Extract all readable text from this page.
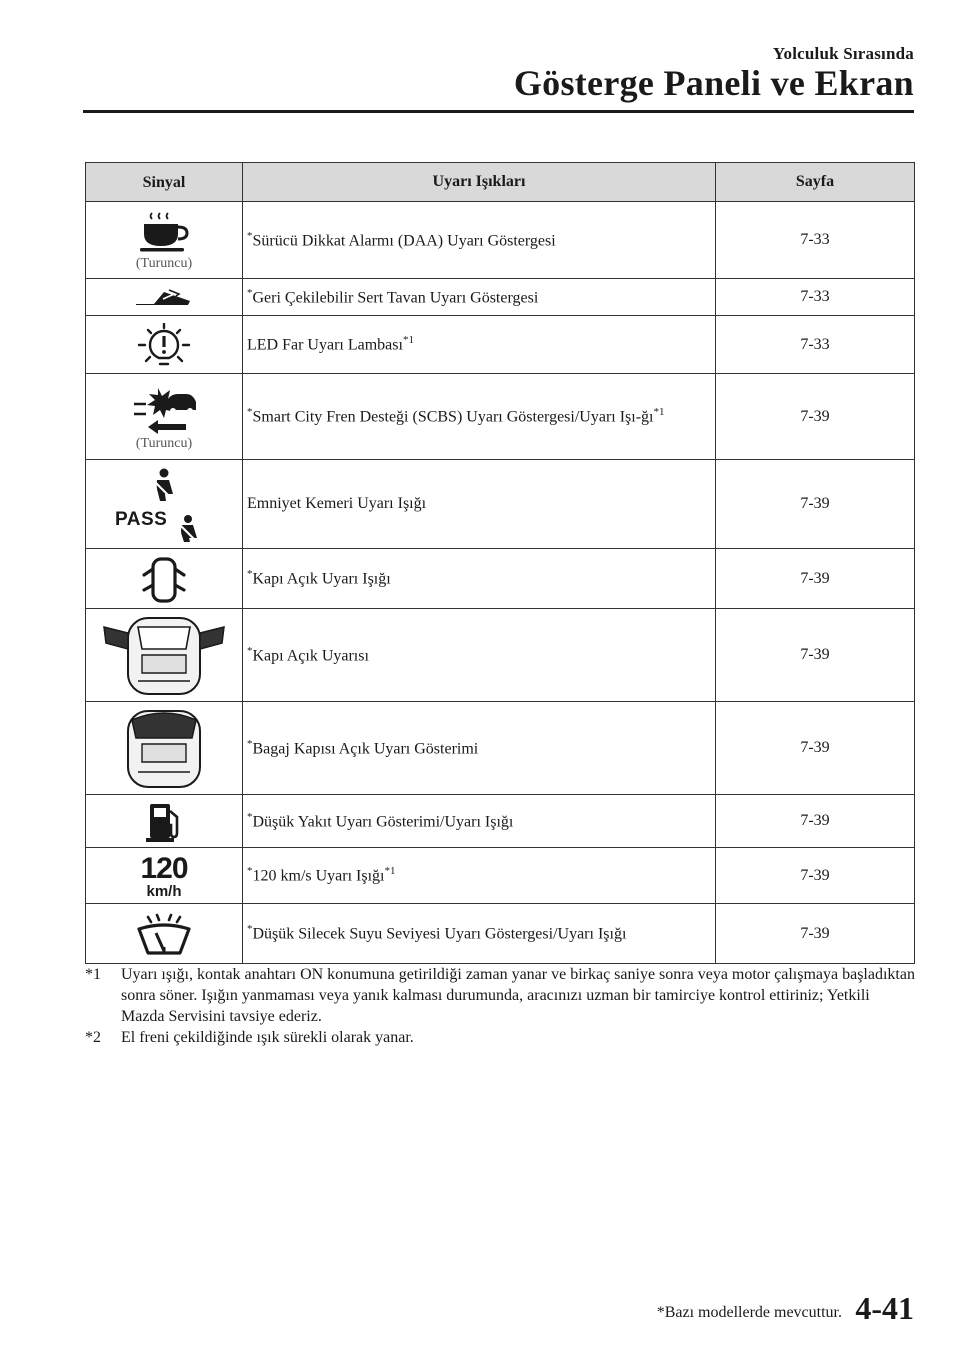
Yolculuk Sırasında
Gösterge Paneli ve Ekran
Sinyal	Uyarı Işıkları	Sayfa

(Turuncu)	*Sürücü Dikkat Alarmı (DAA) Uyarı Göstergesi	7-33

	*Geri Çekilebilir Sert Tavan Uyarı Göstergesi	7-33

	LED Far Uyarı Lambası$^{*1}$	7-33

(Turuncu)	*Smart City Fren Desteği (SCBS) Uyarı Göstergesi/Uyarı Işı-$ğı^{*1}$	7-39

PASS	Emniyet Kemeri Uyarı Işığı	7-39

	*Kapı Açık Uyarı Işığı	7-39

	*Kapı Açık Uyarısı	7-39

	*Bagaj Kapısı Açık Uyarı Gösterimi	7-39

	*Düşük Yakıt Uyarı Gösterimi/Uyarı Işığı	7-39

120
km/h	*120 km/s Uyarı Işığı$^{*1}$	7-39

	*Düşük Silecek Suyu Seviyesi Uyarı Göstergesi/Uyarı Işığı	7-39
*1 Uyarı ışığı, kontak anahtarı ON konumuna getirildiği zaman yanar ve birkaç saniye sonra veya motor çalışmaya başladıktan sonra söner. Işığın yanmaması veya yanık kalması durumunda, aracınızı uzman bir tamirciye kontrol ettiriniz; Yetkili Mazda Servisini tavsiye ederiz.
*2 El freni çekildiğinde ışık sürekli olarak yanar.
*Bazı modellerde mevcuttur. 4-41
